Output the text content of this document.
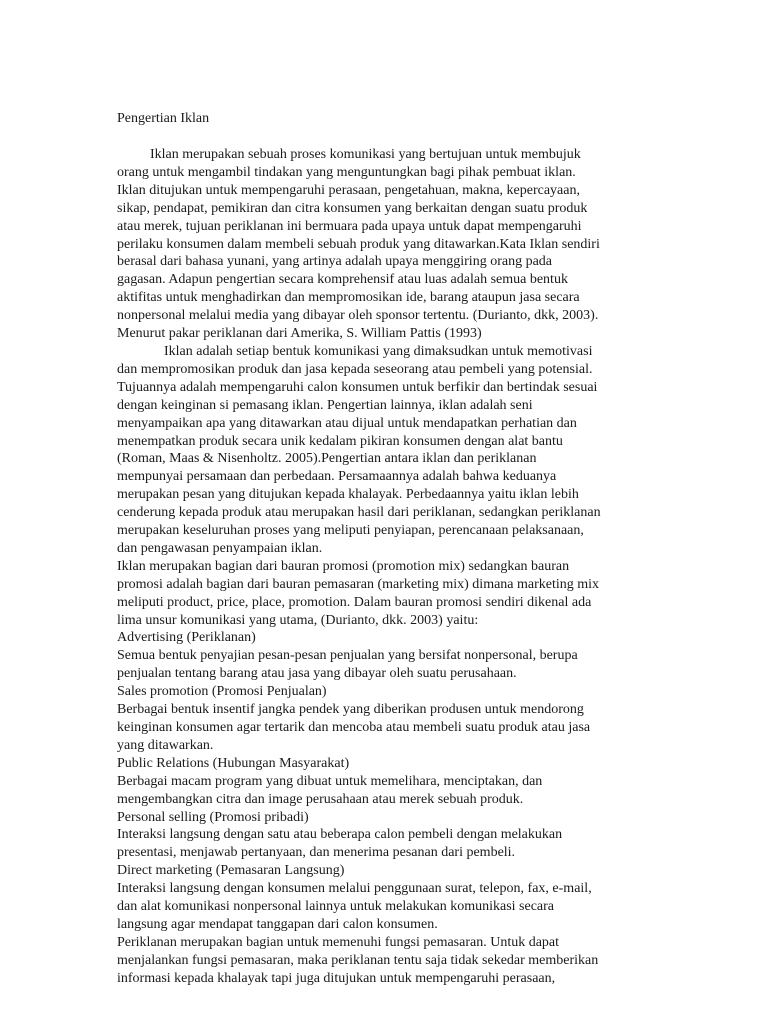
Pengertian Iklan
Iklan merupakan sebuah proses komunikasi yang bertujuan untuk membujuk
orang untuk mengambil tindakan yang menguntungkan bagi pihak pembuat iklan.
Iklan ditujukan untuk mempengaruhi perasaan, pengetahuan, makna, kepercayaan,
sikap, pendapat, pemikiran dan citra konsumen yang berkaitan dengan suatu produk
atau merek, tujuan periklanan ini bermuara pada upaya untuk dapat mempengaruhi
perilaku konsumen dalam membeli sebuah produk yang ditawarkan.Kata Iklan sendiri
berasal dari bahasa yunani, yang artinya adalah upaya menggiring orang pada
gagasan. Adapun pengertian secara komprehensif atau luas adalah semua bentuk
aktifitas untuk menghadirkan dan mempromosikan ide, barang ataupun jasa secara
nonpersonal melalui media yang dibayar oleh sponsor tertentu. (Durianto, dkk, 2003).
Menurut pakar periklanan dari Amerika, S. William Pattis (1993)
Iklan adalah setiap bentuk komunikasi yang dimaksudkan untuk memotivasi
dan mempromosikan produk dan jasa kepada seseorang atau pembeli yang potensial.
Tujuannya adalah mempengaruhi calon konsumen untuk berfikir dan bertindak sesuai
dengan keinginan si pemasang iklan. Pengertian lainnya, iklan adalah seni
menyampaikan apa yang ditawarkan atau dijual untuk mendapatkan perhatian dan
menempatkan produk secara unik kedalam pikiran konsumen dengan alat bantu
(Roman, Maas & Nisenholtz. 2005).Pengertian antara iklan dan periklanan
mempunyai persamaan dan perbedaan. Persamaannya adalah bahwa keduanya
merupakan pesan yang ditujukan kepada khalayak. Perbedaannya yaitu iklan lebih
cenderung kepada produk atau merupakan hasil dari periklanan, sedangkan periklanan
merupakan keseluruhan proses yang meliputi penyiapan, perencanaan pelaksanaan,
dan pengawasan penyampaian iklan.
Iklan merupakan bagian dari bauran promosi (promotion mix) sedangkan bauran
promosi adalah bagian dari bauran pemasaran (marketing mix) dimana marketing mix
meliputi product, price, place, promotion. Dalam bauran promosi sendiri dikenal ada
lima unsur komunikasi yang utama, (Durianto, dkk. 2003) yaitu:
Advertising (Periklanan)
Semua bentuk penyajian pesan-pesan penjualan yang bersifat nonpersonal, berupa
penjualan tentang barang atau jasa yang dibayar oleh suatu perusahaan.
Sales promotion (Promosi Penjualan)
Berbagai bentuk insentif jangka pendek yang diberikan produsen untuk mendorong
keinginan konsumen agar tertarik dan mencoba atau membeli suatu produk atau jasa
yang ditawarkan.
Public Relations (Hubungan Masyarakat)
Berbagai macam program yang dibuat untuk memelihara, menciptakan, dan
mengembangkan citra dan image perusahaan atau merek sebuah produk.
Personal selling (Promosi pribadi)
Interaksi langsung dengan satu atau beberapa calon pembeli dengan melakukan
presentasi, menjawab pertanyaan, dan menerima pesanan dari pembeli.
Direct marketing (Pemasaran Langsung)
Interaksi langsung dengan konsumen melalui penggunaan surat, telepon, fax, e-mail,
dan alat komunikasi nonpersonal lainnya untuk melakukan komunikasi secara
langsung agar mendapat tanggapan dari calon konsumen.
Periklanan merupakan bagian untuk memenuhi fungsi pemasaran. Untuk dapat
menjalankan fungsi pemasaran, maka periklanan tentu saja tidak sekedar memberikan
informasi kepada khalayak tapi juga ditujukan untuk mempengaruhi perasaan,
